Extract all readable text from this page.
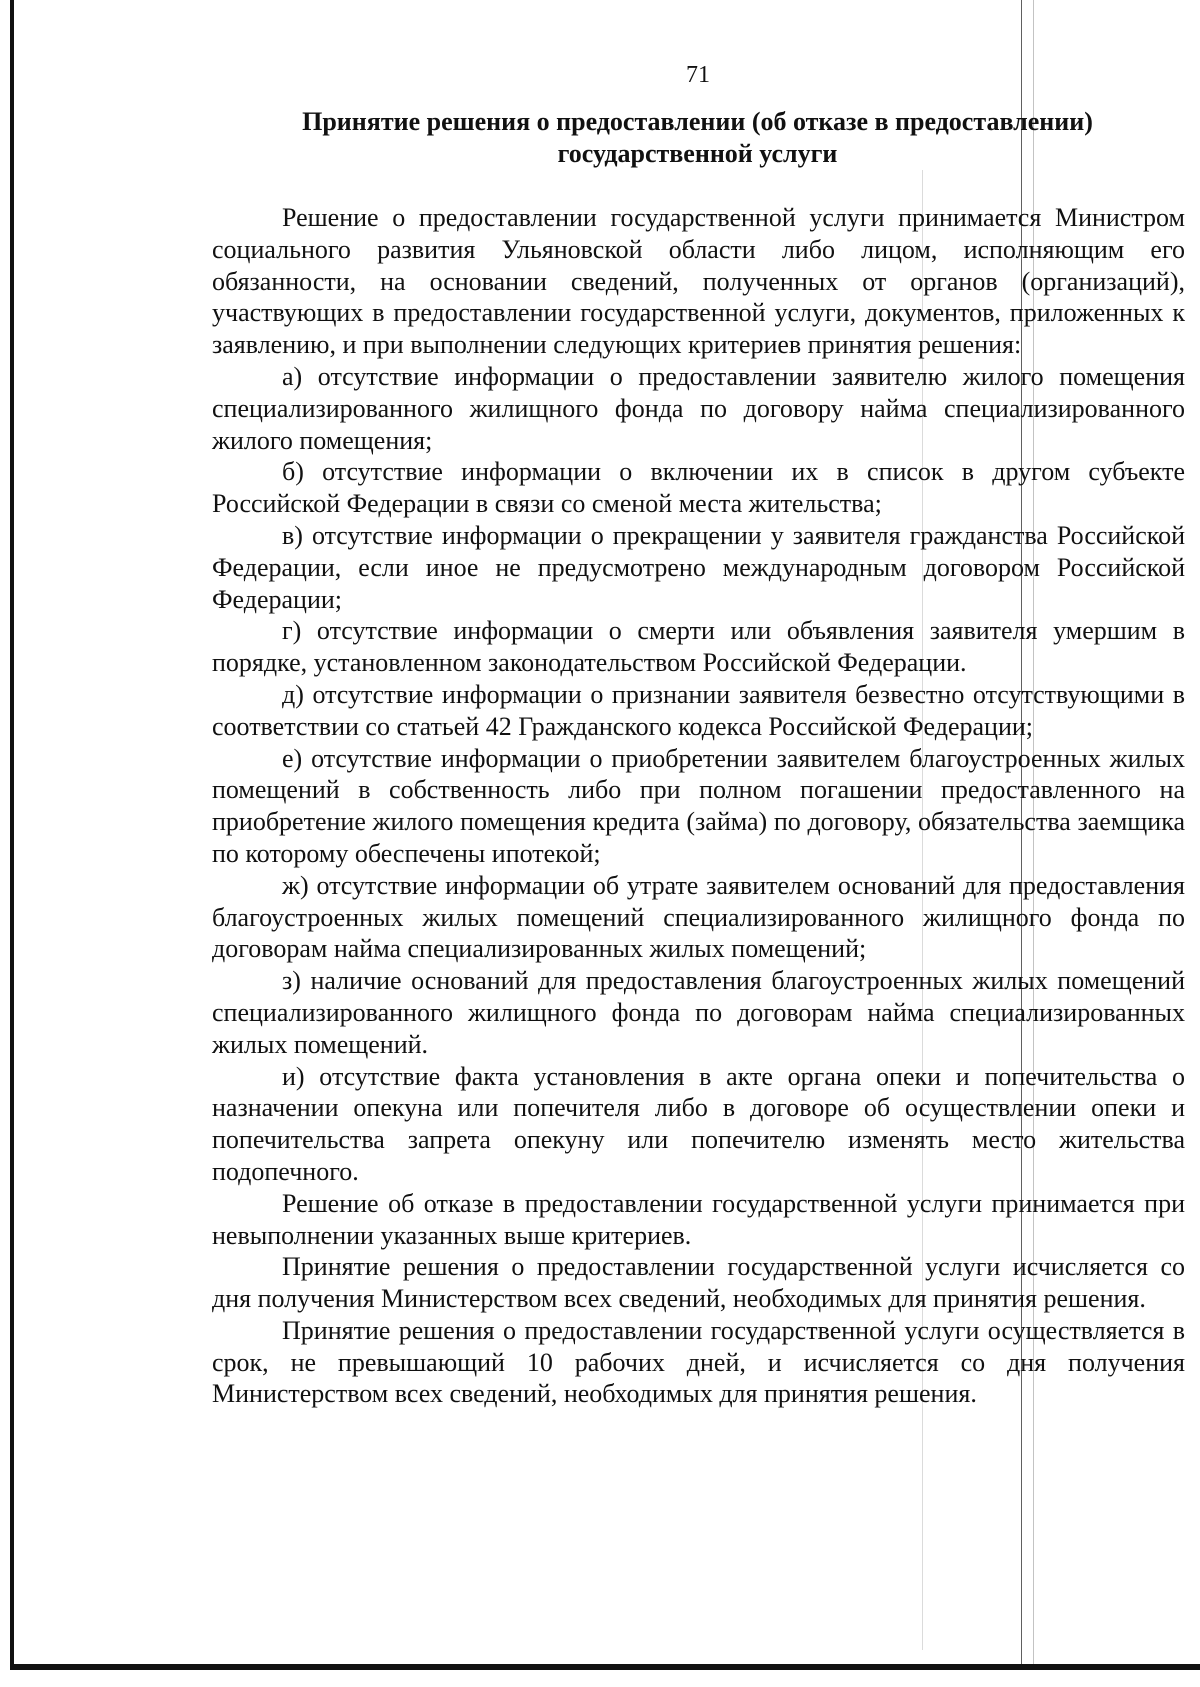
71
Принятие решения о предоставлении (об отказе в предоставлении)
государственной услуги

Решение о предоставлении государственной услуги принимается Министром социального развития Ульяновской области либо лицом, исполняющим его обязанности, на основании сведений, полученных от органов (организаций), участвующих в предоставлении государственной услуги, документов, приложенных к заявлению, и при выполнении следующих критериев принятия решения:

а) отсутствие информации о предоставлении заявителю жилого помещения специализированного жилищного фонда по договору найма специализированного жилого помещения;

б) отсутствие информации о включении их в список в другом субъекте Российской Федерации в связи со сменой места жительства;

в) отсутствие информации о прекращении у заявителя гражданства Российской Федерации, если иное не предусмотрено международным договором Российской Федерации;

г) отсутствие информации о смерти или объявления заявителя умершим в порядке, установленном законодательством Российской Федерации.

д) отсутствие информации о признании заявителя безвестно отсутствующими в соответствии со статьей 42 Гражданского кодекса Российской Федерации;

е) отсутствие информации о приобретении заявителем благоустроенных жилых помещений в собственность либо при полном погашении предоставленного на приобретение жилого помещения кредита (займа) по договору, обязательства заемщика по которому обеспечены ипотекой;

ж) отсутствие информации об утрате заявителем оснований для предоставления благоустроенных жилых помещений специализированного жилищного фонда по договорам найма специализированных жилых помещений;

з) наличие оснований для предоставления благоустроенных жилых помещений специализированного жилищного фонда по договорам найма специализированных жилых помещений.

и) отсутствие факта установления в акте органа опеки и попечительства о назначении опекуна или попечителя либо в договоре об осуществлении опеки и попечительства запрета опекуну или попечителю изменять место жительства подопечного.

Решение об отказе в предоставлении государственной услуги принимается при невыполнении указанных выше критериев.

Принятие решения о предоставлении государственной услуги исчисляется со дня получения Министерством всех сведений, необходимых для принятия решения.

Принятие решения о предоставлении государственной услуги осуществляется в срок, не превышающий 10 рабочих дней, и исчисляется со дня получения Министерством всех сведений, необходимых для принятия решения.
